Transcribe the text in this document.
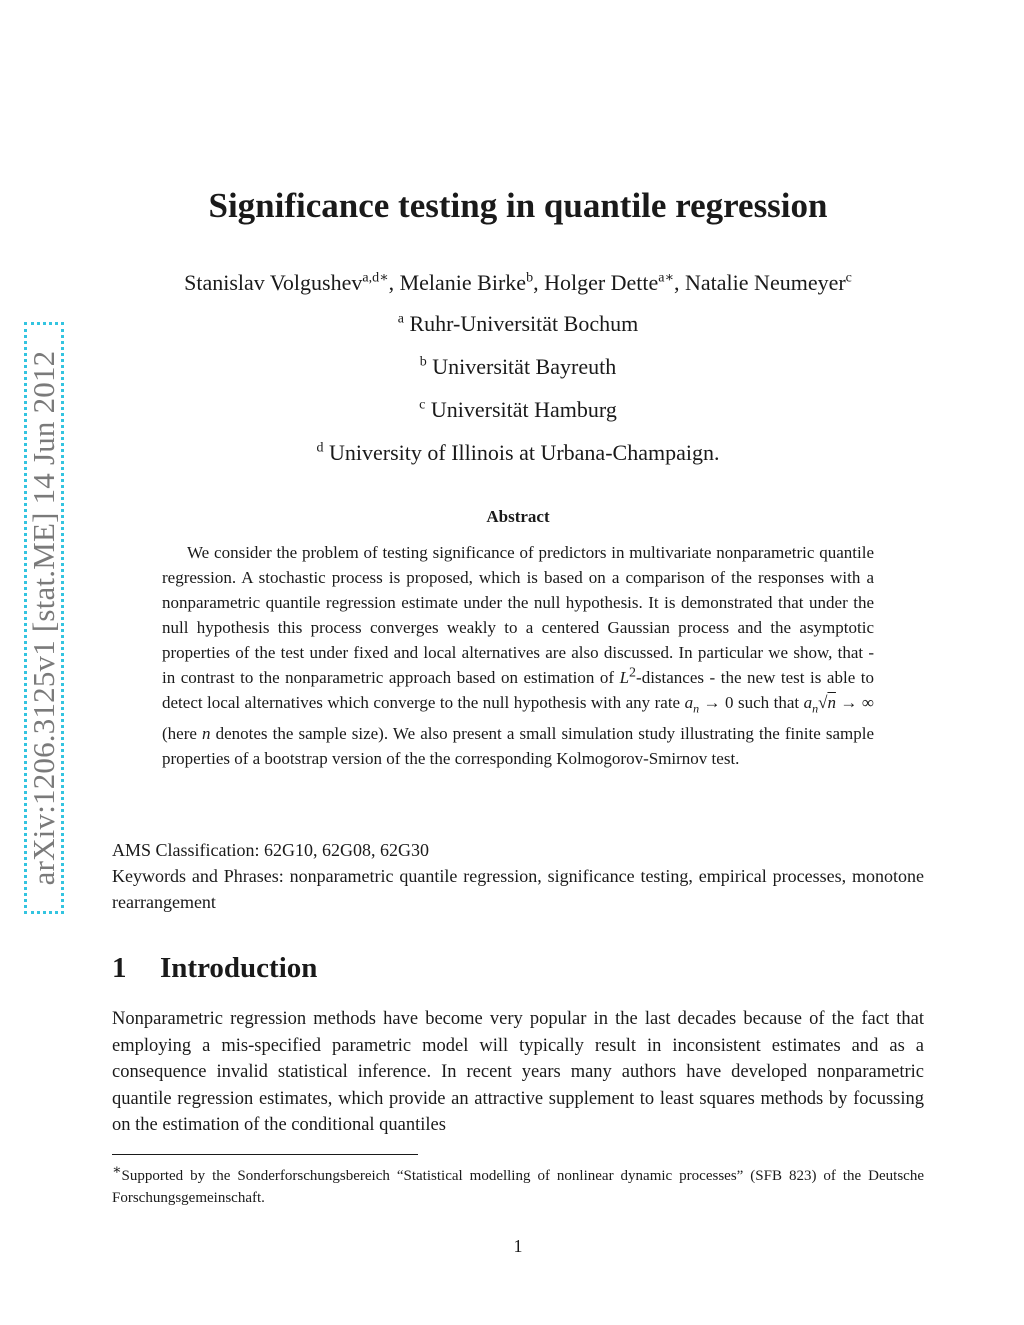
arXiv:1206.3125v1 [stat.ME] 14 Jun 2012
Significance testing in quantile regression
Stanislav Volgushev$^{a,d∗}$, Melanie Birke$^b$, Holger Dette$^{a∗}$, Natalie Neumeyer$^c$
$^a$ Ruhr-Universität Bochum
$^b$ Universität Bayreuth
$^c$ Universität Hamburg
$^d$ University of Illinois at Urbana-Champaign.
Abstract

We consider the problem of testing significance of predictors in multivariate nonparametric quantile regression. A stochastic process is proposed, which is based on a comparison of the responses with a nonparametric quantile regression estimate under the null hypothesis. It is demonstrated that under the null hypothesis this process converges weakly to a centered Gaussian process and the asymptotic properties of the test under fixed and local alternatives are also discussed. In particular we show, that - in contrast to the nonparametric approach based on estimation of $L^2$-distances - the new test is able to detect local alternatives which converge to the null hypothesis with any rate $a_n \to 0$ such that $a_n√n$ → ∞ (here n denotes the sample size). We also present a small simulation study illustrating the finite sample properties of a bootstrap version of the the corresponding Kolmogorov-Smirnov test.

AMS Classification: 62G10, 62G08, 62G30

Keywords and Phrases: nonparametric quantile regression, significance testing, empirical processes, monotone rearrangement

1 Introduction

Nonparametric regression methods have become very popular in the last decades because of the fact that employing a mis-specified parametric model will typically result in inconsistent estimates and as a consequence invalid statistical inference. In recent years many authors have developed nonparametric quantile regression estimates, which provide an attractive supplement to least squares methods by focussing on the estimation of the conditional quantiles

∗Supported by the Sonderforschungsbereich “Statistical modelling of nonlinear dynamic processes” (SFB 823) of the Deutsche Forschungsgemeinschaft.

1
